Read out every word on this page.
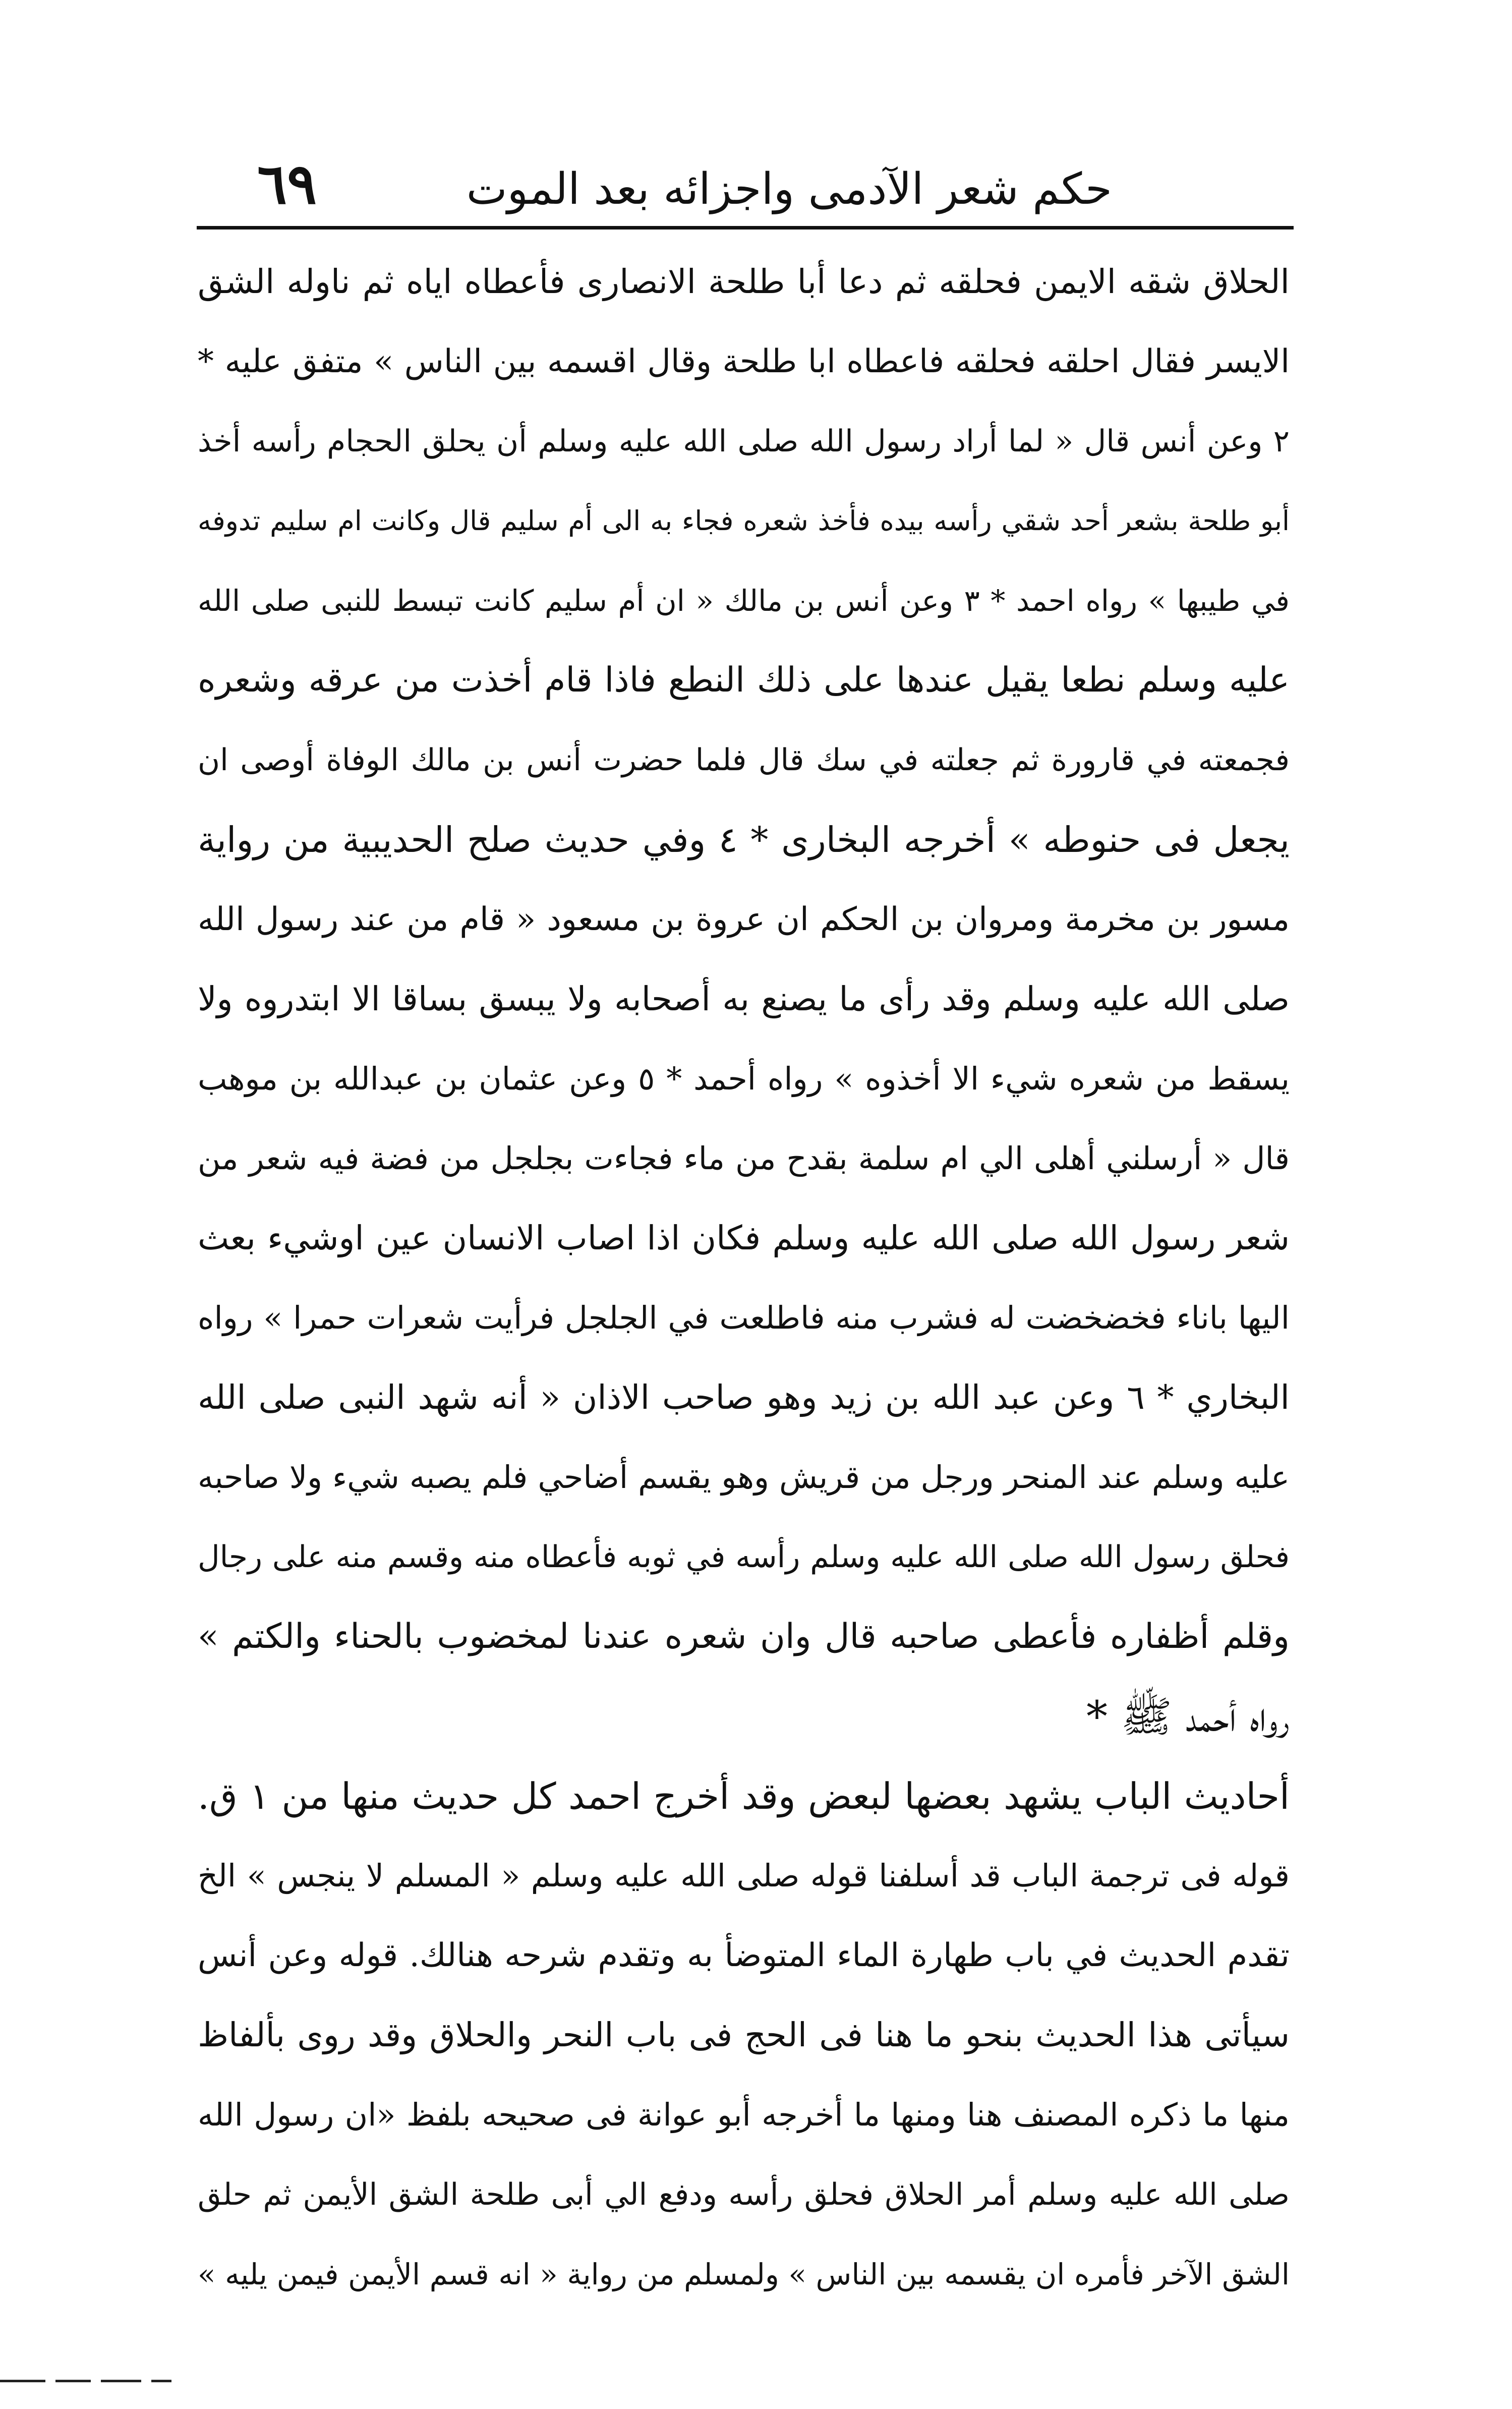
حكم شعر الآدمى واجزائه بعد الموت
٦٩
الحلاق شقه الايمن فحلقه ثم دعا أبا طلحة الانصارى فأعطاه اياه ثم ناوله الشق
الايسر فقال احلقه فحلقه فاعطاه ابا طلحة وقال اقسمه بين الناس » متفق عليه *
٢ وعن أنس قال « لما أراد رسول الله صلى الله عليه وسلم أن يحلق الحجام رأسه أخذ
أبو طلحة بشعر أحد شقي رأسه بيده فأخذ شعره فجاء به الى أم سليم قال وكانت ام سليم تدوفه
في طيبها » رواه احمد * ٣ وعن أنس بن مالك « ان أم سليم كانت تبسط للنبى صلى الله
عليه وسلم نطعا يقيل عندها على ذلك النطع فاذا قام أخذت من عرقه وشعره
فجمعته في قارورة ثم جعلته في سك قال فلما حضرت أنس بن مالك الوفاة أوصى ان
يجعل فى حنوطه » أخرجه البخارى * ٤ وفي حديث صلح الحديبية من رواية
مسور بن مخرمة ومروان بن الحكم ان عروة بن مسعود « قام من عند رسول الله
صلى الله عليه وسلم وقد رأى ما يصنع به أصحابه ولا يبسق بساقا الا ابتدروه ولا
يسقط من شعره شيء الا أخذوه » رواه أحمد * ٥ وعن عثمان بن عبدالله بن موهب
قال « أرسلني أهلى الي ام سلمة بقدح من ماء فجاءت بجلجل من فضة فيه شعر من
شعر رسول الله صلى الله عليه وسلم فكان اذا اصاب الانسان عين اوشيء بعث
اليها باناء فخضخضت له فشرب منه فاطلعت في الجلجل فرأيت شعرات حمرا » رواه
البخاري * ٦ وعن عبد الله بن زيد وهو صاحب الاذان « أنه شهد النبى صلى الله
عليه وسلم عند المنحر ورجل من قريش وهو يقسم أضاحي فلم يصبه شيء ولا صاحبه
فحلق رسول الله صلى الله عليه وسلم رأسه في ثوبه فأعطاه منه وقسم منه على رجال
وقلم أظفاره فأعطى صاحبه قال وان شعره عندنا لمخضوب بالحناء والكتم »
رواه أحمد ﷺ *
أحاديث الباب يشهد بعضها لبعض وقد أخرج احمد كل حديث منها من ١ ق.
قوله فى ترجمة الباب قد أسلفنا قوله صلى الله عليه وسلم « المسلم لا ينجس » الخ
تقدم الحديث في باب طهارة الماء المتوضأ به وتقدم شرحه هنالك. قوله وعن أنس
سيأتى هذا الحديث بنحو ما هنا فى الحج فى باب النحر والحلاق وقد روى بألفاظ
منها ما ذكره المصنف هنا ومنها ما أخرجه أبو عوانة فى صحيحه بلفظ «ان رسول الله
صلى الله عليه وسلم أمر الحلاق فحلق رأسه ودفع الي أبى طلحة الشق الأيمن ثم حلق
الشق الآخر فأمره ان يقسمه بين الناس » ولمسلم من رواية « انه قسم الأيمن فيمن يليه »
